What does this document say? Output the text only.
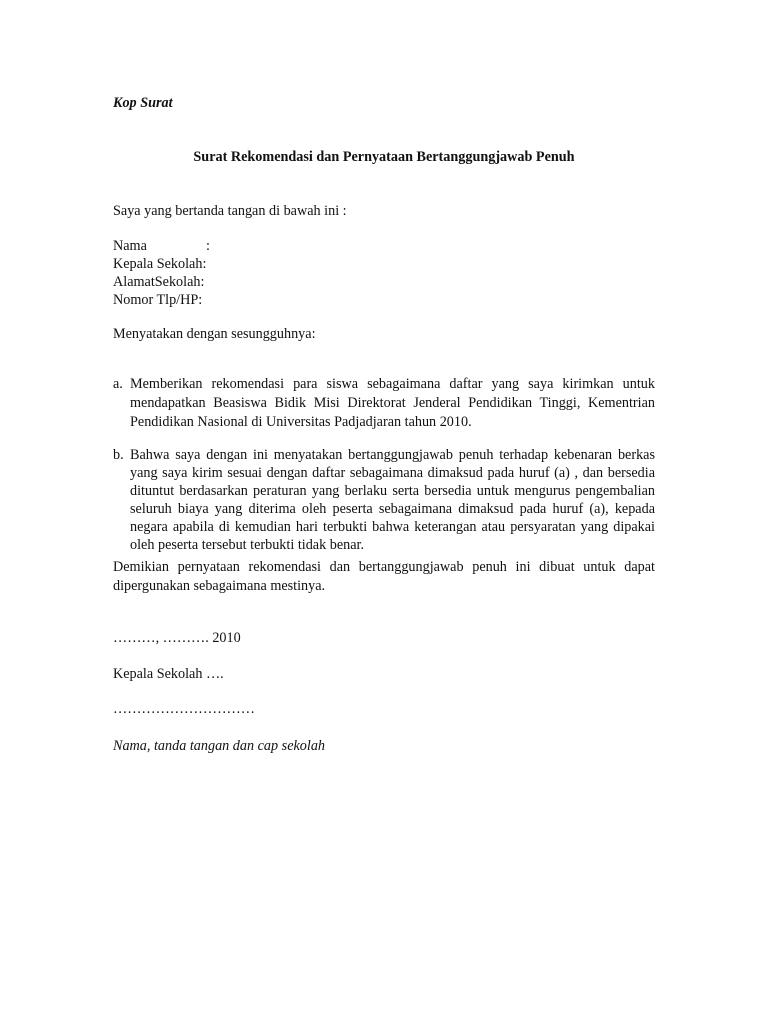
Kop Surat

Surat Rekomendasi dan Pernyataan Bertanggungjawab Penuh

Saya yang bertanda tangan di bawah ini :

Nama	:
Kepala Sekolah:
AlamatSekolah:
Nomor Tlp/HP:

Menyatakan dengan sesungguhnya:

a. Memberikan rekomendasi para siswa sebagaimana daftar yang saya kirimkan untuk mendapatkan Beasiswa Bidik Misi Direktorat Jenderal Pendidikan Tinggi, Kementrian Pendidikan Nasional di Universitas Padjadjaran tahun 2010.

b. Bahwa saya dengan ini menyatakan bertanggungjawab penuh terhadap kebenaran berkas yang saya kirim sesuai dengan daftar sebagaimana dimaksud pada huruf (a) , dan bersedia dituntut berdasarkan peraturan yang berlaku serta bersedia untuk mengurus pengembalian seluruh biaya yang diterima oleh peserta sebagaimana dimaksud pada huruf (a), kepada negara apabila di kemudian hari terbukti bahwa keterangan atau persyaratan yang dipakai oleh peserta tersebut terbukti tidak benar.

Demikian pernyataan rekomendasi dan bertanggungjawab penuh ini dibuat untuk dapat dipergunakan sebagaimana mestinya.

………, ………. 2010

Kepala Sekolah ….

…………………………

Nama, tanda tangan dan cap sekolah
